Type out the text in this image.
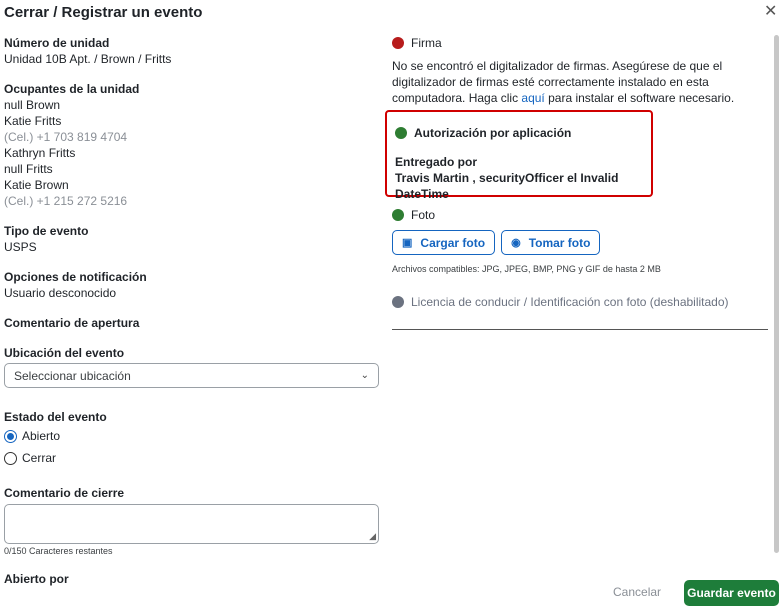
Cerrar / Registrar un evento	✕
Número de unidad
Unidad 10B Apt. / Brown / Fritts
Ocupantes de la unidad
null Brown
Katie Fritts
(Cel.) +1 703 819 4704
Kathryn Fritts
null Fritts
Katie Brown
(Cel.) +1 215 272 5216
Tipo de evento
USPS
Opciones de notificación
Usuario desconocido
Comentario de apertura
Ubicación del evento
Seleccionar ubicación	⌄
Estado del evento
Abierto
Cerrar
Comentario de cierre
◢
0/150 Caracteres restantes
Abierto por
Firma
No se encontró el digitalizador de firmas. Asegúrese de que el digitalizador de firmas esté correctamente instalado en esta computadora. Haga clic aquí para instalar el software necesario.
Autorización por aplicación
Entregado por
Travis Martin , securityOfficer el Invalid DateTime
Foto
▣ Cargar foto ◉ Tomar foto
Archivos compatibles: JPG, JPEG, BMP, PNG y GIF de hasta 2 MB
Licencia de conducir / Identificación con foto (deshabilitado)
Cancelar Guardar evento
